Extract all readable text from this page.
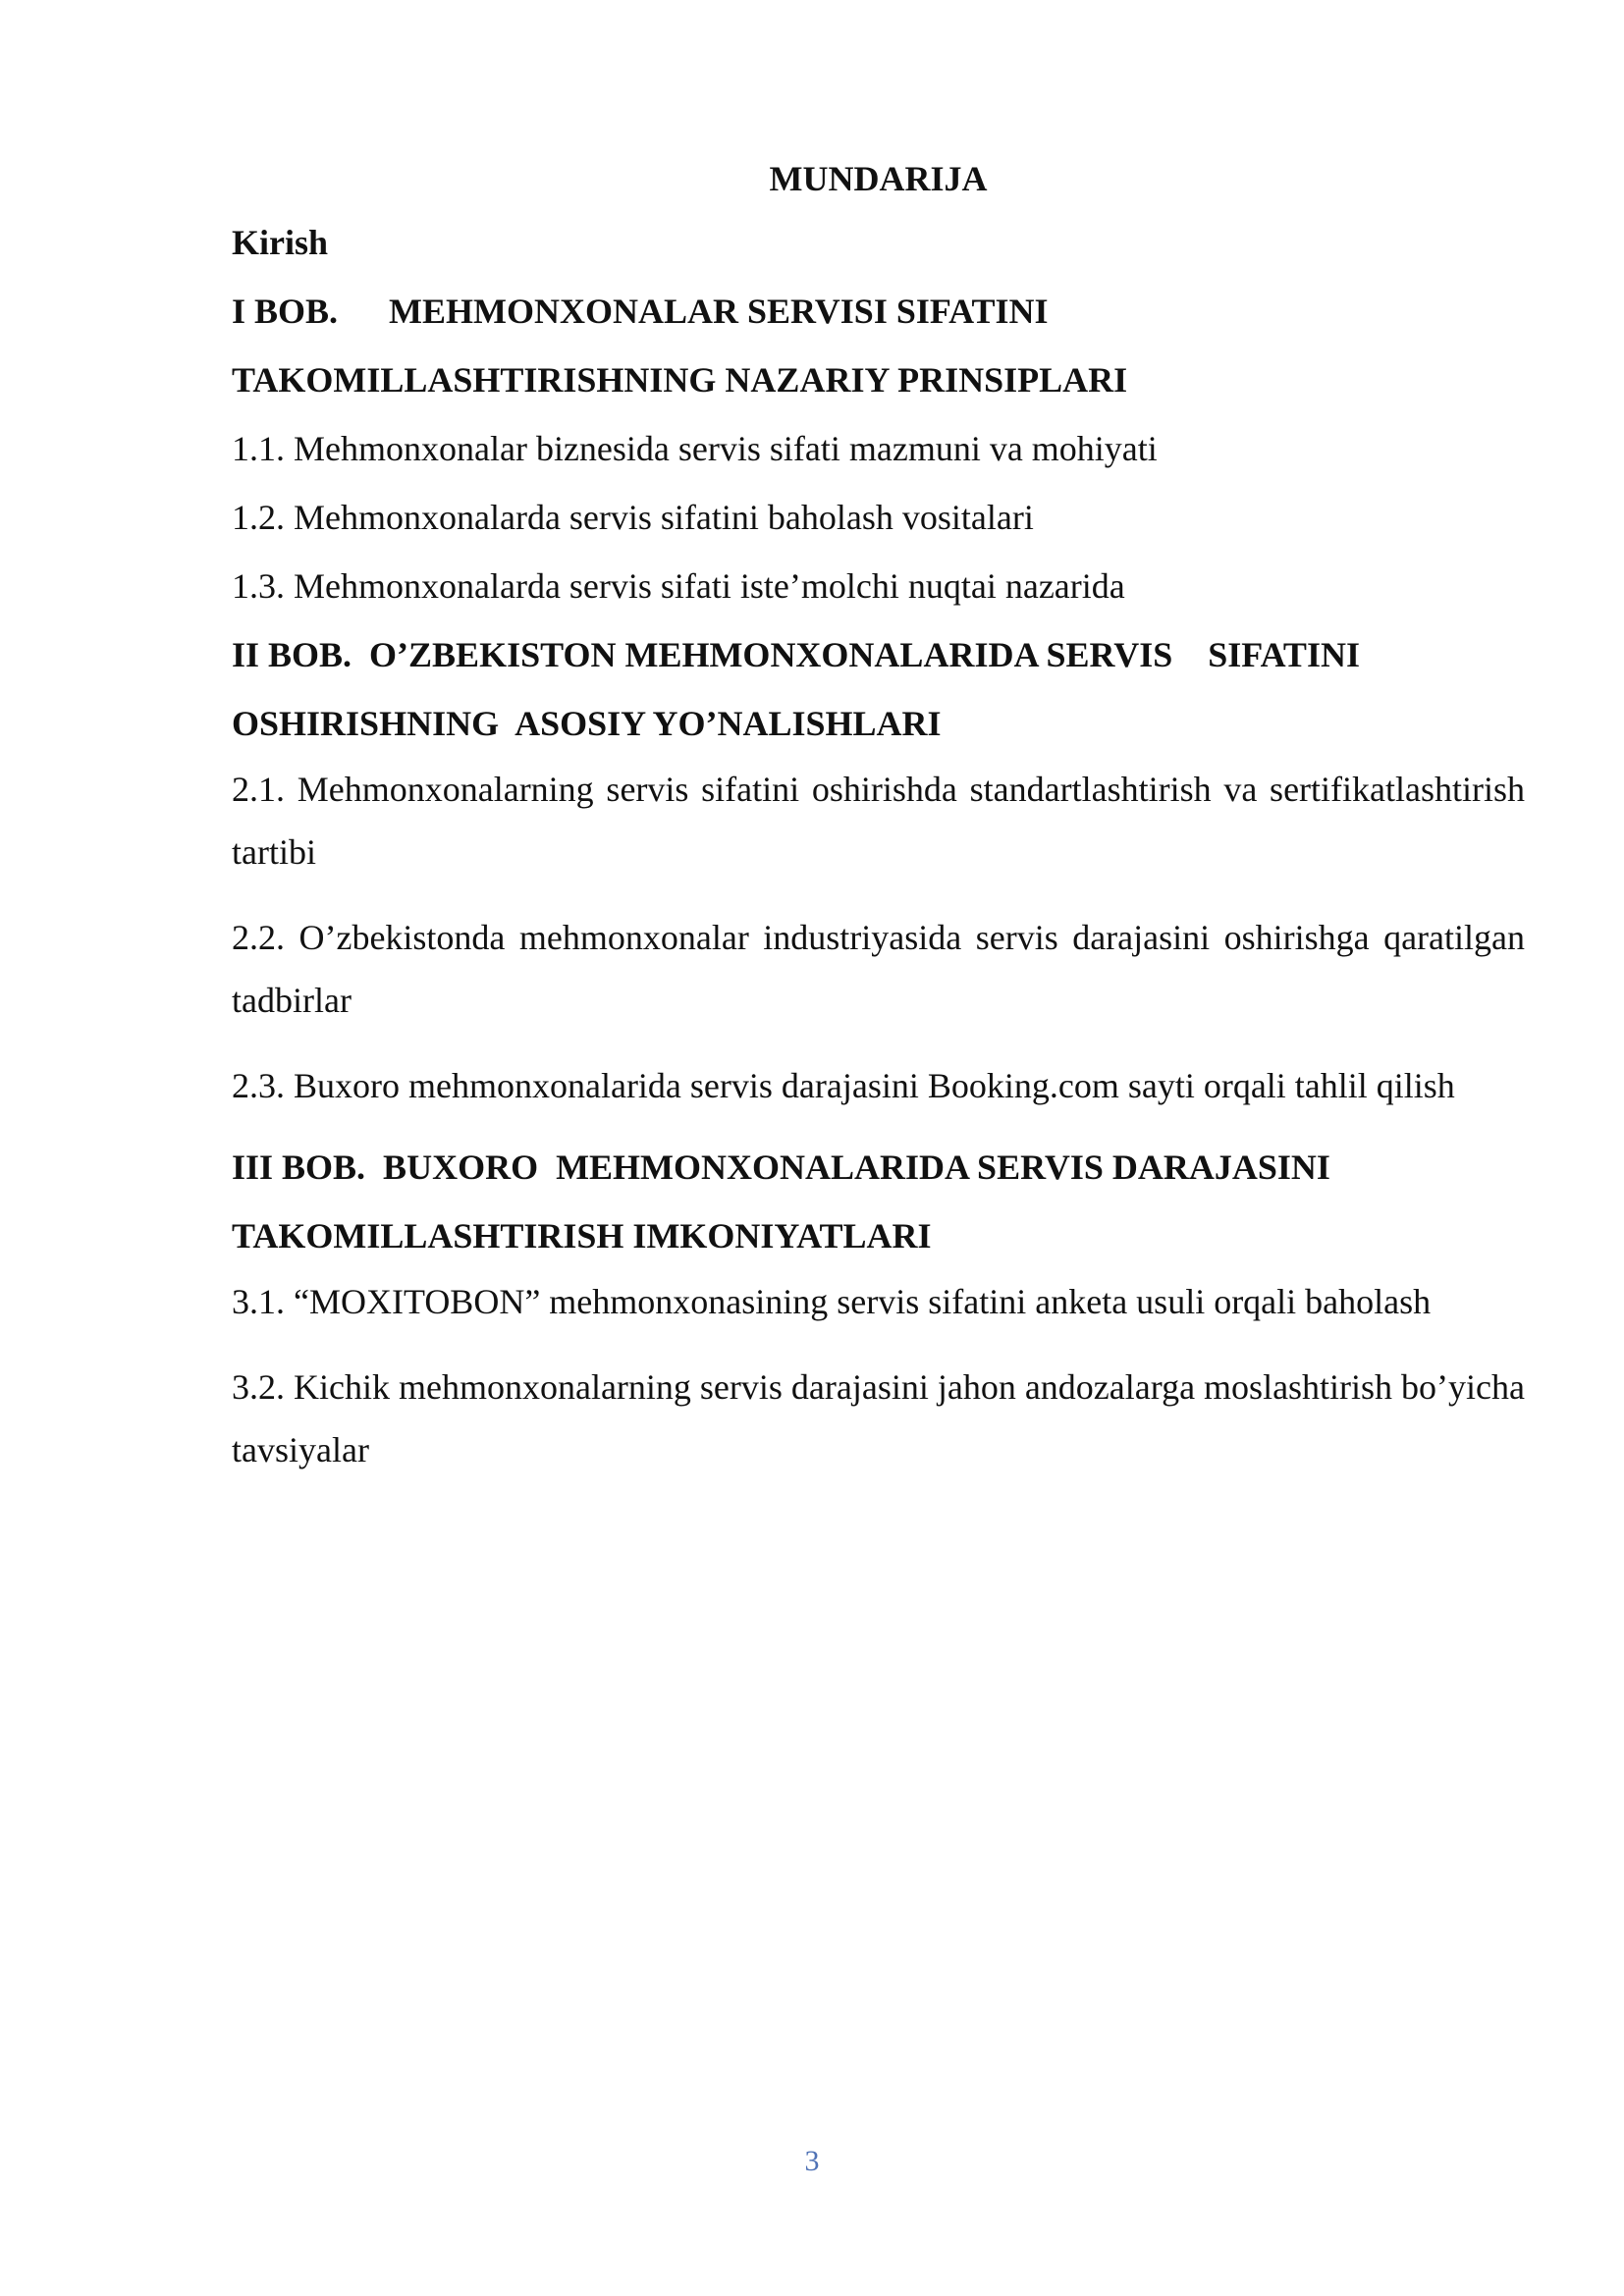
MUNDARIJA

Kirish

I BOB. MEHMONXONALAR SERVISI SIFATINI

TAKOMILLASHTIRISHNING NAZARIY PRINSIPLARI

1.1. Mehmonxonalar biznesida servis sifati mazmuni va mohiyati

1.2. Mehmonxonalarda servis sifatini baholash vositalari

1.3. Mehmonxonalarda servis sifati iste’molchi nuqtai nazarida

II BOB.  O’ZBEKISTON MEHMONXONALARIDA SERVIS    SIFATINI

OSHIRISHNING  ASOSIY YO’NALISHLARI

2.1. Mehmonxonalarning servis sifatini oshirishda standartlashtirish va sertifikatlashtirish tartibi

2.2. O’zbekistonda mehmonxonalar industriyasida servis darajasini oshirishga qaratilgan tadbirlar

2.3. Buxoro mehmonxonalarida servis darajasini Booking.com sayti orqali tahlil qilish

III BOB.  BUXORO  MEHMONXONALARIDA SERVIS DARAJASINI

TAKOMILLASHTIRISH IMKONIYATLARI

3.1. “MOXITOBON” mehmonxonasining servis sifatini anketa usuli orqali baholash

3.2. Kichik mehmonxonalarning servis darajasini jahon andozalarga moslashtirish bo’yicha tavsiyalar

3
